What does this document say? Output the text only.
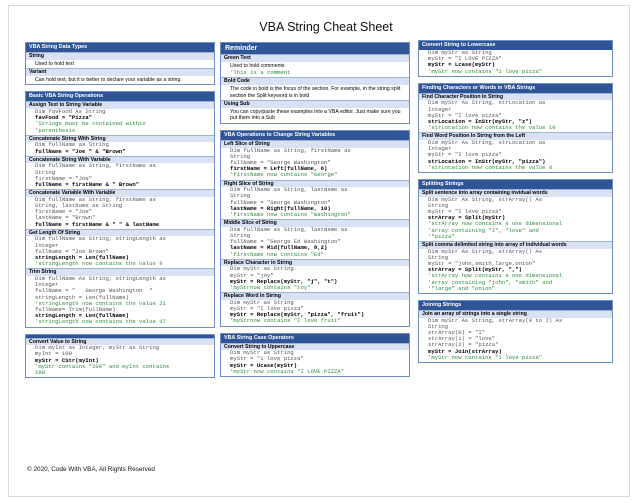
VBA String Cheat Sheet
VBA String Data Types
String
Used to hold text
Variant
Can hold text, but it is better to declare your variable as a string.
Basic VBA String Operations
Assign Text to String Variable
Dim favFood As String
favFood = "Pizza"
'Strings must be contained within
'parenthesis
Concatenate String With String
Dim fullName as String
fullName = "Joe " & "Brown"
Concatenate String With Variable
Dim fullName as String, firstName as
String
firstName = "Joe"
fullName = firstName & " Brown"
Concatenate Variable With Variable
Dim fullName as String, firstName as
String, lastName as String
firstName = "Joe"
lastName = "Brown"
fullName = firstName & " " & lastName
Get Length Of String
Dim fullName as String, stringLength as
Integer
fullName = "Joe Brown"
stringLength = Len(fullName)
'stringLength now contains the value 9
Trim String
Dim fullName As String, stringLength as
Integer
fullName = "   George Washington  "
stringLength = Len(fullName)
'stringLength now contains the value 21
fullName= Trim(fullName)
stringLength = Len(fullName)
'stringLength now contains the value 17
Convert Value to String
Dim myInt as Integer, myStr as String
myInt = 100
myStr = CStr(myInt)
'myStr contains "100" and myInt contains
100
Reminder
Green Text
Used to hold comments
'This is a comment
Bold Code
The code in bold is the focus of the section. For example, in the string split section the Split keyword is in bold
Using Sub
You can copy/paste these examples into a VBA editor. Just make sure you put them into a Sub
VBA Operations to Change String Variables
Left Slice of String
Dim fullName as String, firstName as
String
fullName = "George Washington"
firstName = Left(fullName, 6)
'firstName now contains "George"
Right Slice of String
Dim fullName as String, lastName as
String
fullName = "George Washington"
lastName = Right(fullName, 10)
'firstName now contains "Washington"
Middle Slice of String
Dim fullName as String, lastName as
String
fullName = "George Ed Washington"
lastName = Mid(fullName, 8,2)
'firstName now contains "Ed"
Replace Character in String
Dim myStr as String
myStr = "joy"
myStr = Replace(myStr, "j", "t")
'myStrnow contains "toy"
Replace Word in String
Dim myStr as String
myStr = "I love pizza"
myStr = Replace(myStr, "pizza", "fruit")
'myStrnow contains "I love fruit"
VBA String Case Operators
Convert String to Uppercase
Dim myStr as String
myStr = "i love pizza"
myStr = Ucase(myStr)
'myStr now contains "I LOVE PIZZA"
Convert String to Lowercase
Dim myStr as String
myStr = "I LOVE PIZZA"
myStr = Lcase(myStr)
'myStr now contains "i love pizza"
Finding Characters or Words in VBA Strings
Find Character Position In String
Dim myStr As String, strLocation as
Integer
myStr = "I love pizza"
strLocation = InStr(myStr, "z")
'strLocation now contains the value 10
Find Word Position In String from the Left
Dim myStr As String, strLocation as
Integer
myStr = "I love pizza"
strLocation = InStr(myStr, "pizza")
'strLocation now contains the value 8
Splitting Strings
Split sentence into array containing invidual words
Dim myStr As String, strArray() As
String
myStr = "I love pizza"
strArray = Split(myStr)
'strArray now contains a one dimensional
'array containing "I", "love" and
'"pizza"
Split comma delimited string into array of individual words
Dim myStr As String, strArray() As
String
myStr = "john,smith,large,onion"
strArray = Split(myStr, ",")
'strArray now contains a one dimensional
'array containing "john", "smith" and
'"large" and "onion"
Joining Strings
Join an array of strings into a single string
Dim myStr As String, strArray(0 to 2) As
String
strArray(0) = "I"
strArray(1) = "love"
strArray(2) = "pizza"
myStr = Join(strArray)
'myStr now contains "I love pizza"
© 2020, Code With VBA, All Rights Reserved
